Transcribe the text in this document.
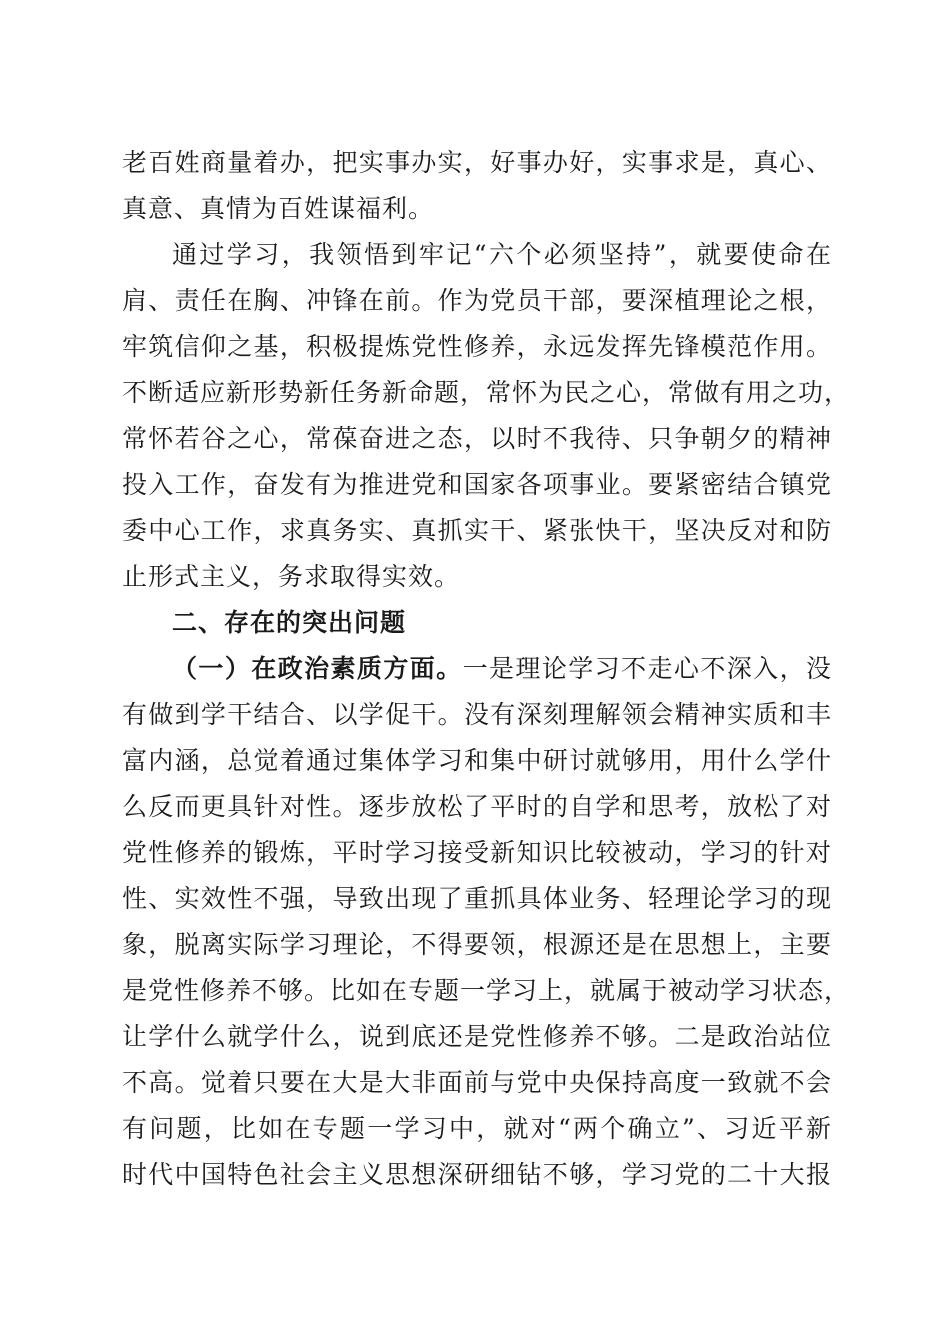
老百姓商量着办，把实事办实，好事办好，实事求是，真心、
真意、真情为百姓谋福利。
通过学习，我领悟到牢记“六个必须坚持”，就要使命在
肩、责任在胸、冲锋在前。作为党员干部，要深植理论之根，
牢筑信仰之基，积极提炼党性修养，永远发挥先锋模范作用。
不断适应新形势新任务新命题，常怀为民之心，常做有用之功，
常怀若谷之心，常葆奋进之态，以时不我待、只争朝夕的精神
投入工作，奋发有为推进党和国家各项事业。要紧密结合镇党
委中心工作，求真务实、真抓实干、紧张快干，坚决反对和防
止形式主义，务求取得实效。
二、存在的突出问题
（一）在政治素质方面。一是理论学习不走心不深入，没
有做到学干结合、以学促干。没有深刻理解领会精神实质和丰
富内涵，总觉着通过集体学习和集中研讨就够用，用什么学什
么反而更具针对性。逐步放松了平时的自学和思考，放松了对
党性修养的锻炼，平时学习接受新知识比较被动，学习的针对
性、实效性不强，导致出现了重抓具体业务、轻理论学习的现
象，脱离实际学习理论，不得要领，根源还是在思想上，主要
是党性修养不够。比如在专题一学习上，就属于被动学习状态，
让学什么就学什么，说到底还是党性修养不够。二是政治站位
不高。觉着只要在大是大非面前与党中央保持高度一致就不会
有问题，比如在专题一学习中，就对“两个确立”、习近平新
时代中国特色社会主义思想深研细钻不够，学习党的二十大报
